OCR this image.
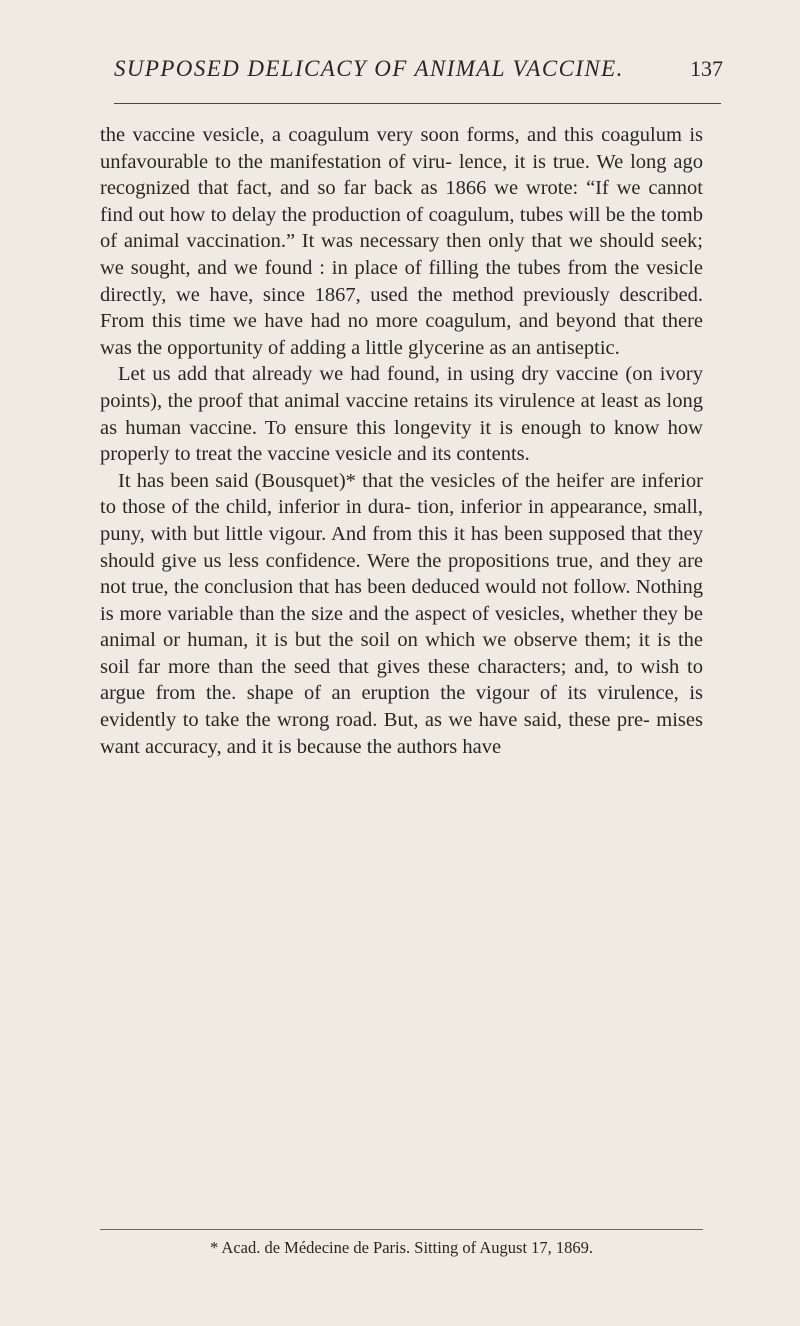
SUPPOSED DELICACY OF ANIMAL VACCINE.	137

the vaccine vesicle, a coagulum very soon forms, and this coagulum is unfavourable to the manifestation of viru- lence, it is true. We long ago recognized that fact, and so far back as 1866 we wrote: “If we cannot find out how to delay the production of coagulum, tubes will be the tomb of animal vaccination.” It was necessary then only that we should seek; we sought, and we found : in place of filling the tubes from the vesicle directly, we have, since 1867, used the method previously described. From this time we have had no more coagulum, and beyond that there was the opportunity of adding a little glycerine as an antiseptic.

Let us add that already we had found, in using dry vaccine (on ivory points), the proof that animal vaccine retains its virulence at least as long as human vaccine. To ensure this longevity it is enough to know how properly to treat the vaccine vesicle and its contents.

It has been said (Bousquet)* that the vesicles of the heifer are inferior to those of the child, inferior in dura- tion, inferior in appearance, small, puny, with but little vigour. And from this it has been supposed that they should give us less confidence. Were the propositions true, and they are not true, the conclusion that has been deduced would not follow. Nothing is more variable than the size and the aspect of vesicles, whether they be animal or human, it is but the soil on which we observe them; it is the soil far more than the seed that gives these characters; and, to wish to argue from the. shape of an eruption the vigour of its virulence, is evidently to take the wrong road. But, as we have said, these pre- mises want accuracy, and it is because the authors have

* Acad. de Médecine de Paris. Sitting of August 17, 1869.
